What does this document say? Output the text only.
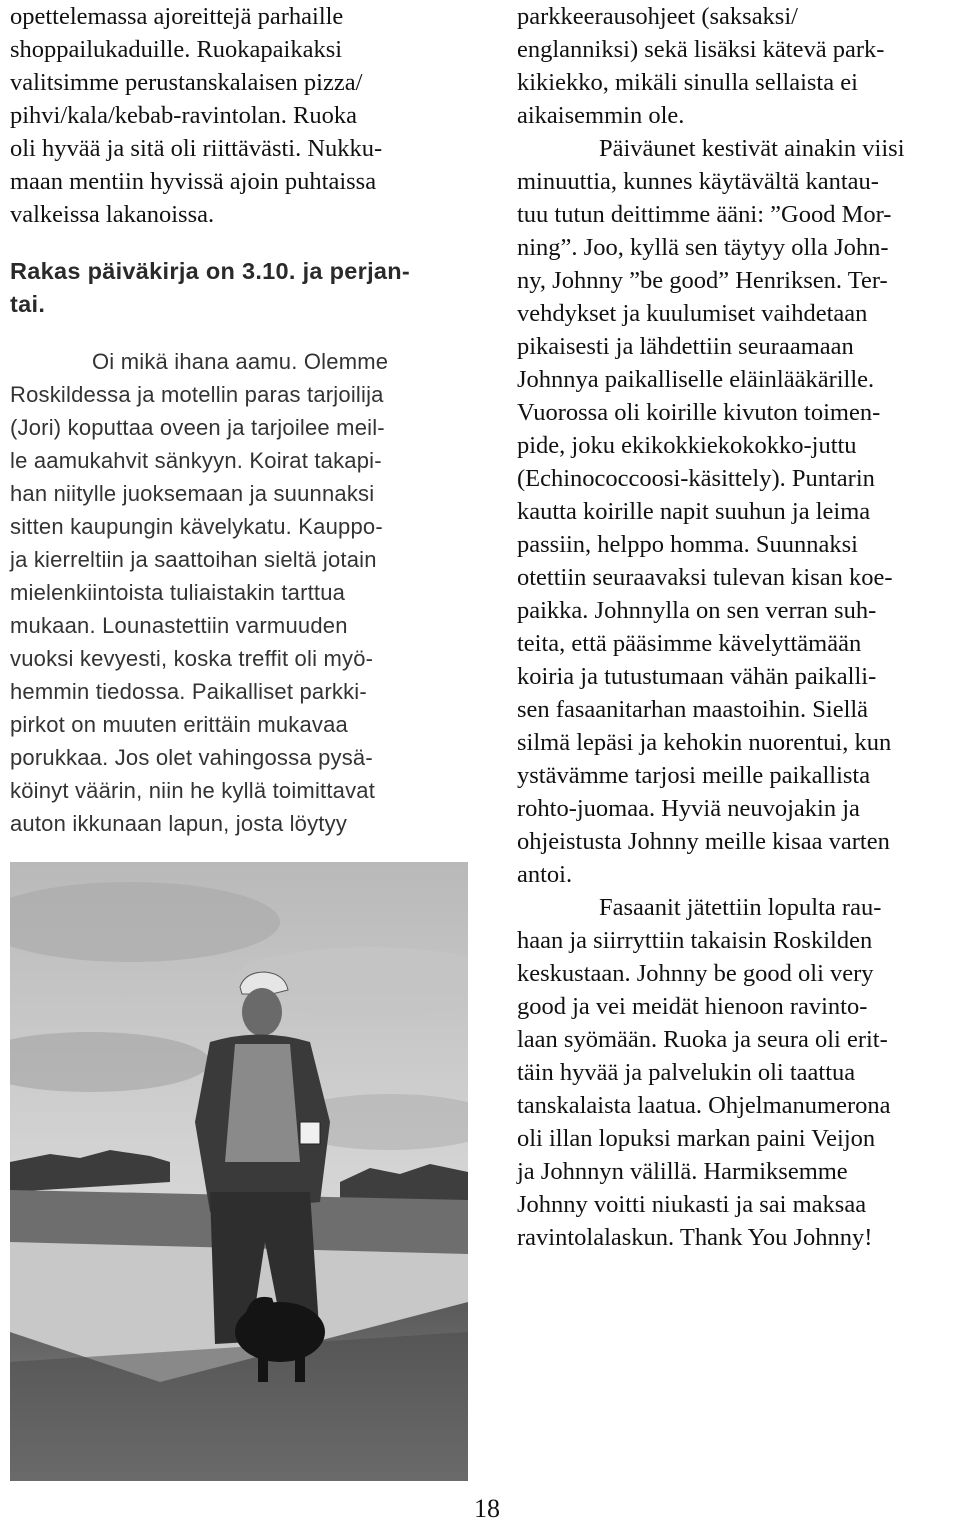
opettelemassa ajoreittejä parhaille
shoppailukaduille. Ruokapaikaksi
valitsimme perustanskalaisen pizza/
pihvi/kala/kebab-ravintolan. Ruoka
oli hyvää ja sitä oli riittävästi. Nukku-
maan mentiin hyvissä ajoin puhtaissa
valkeissa lakanoissa.
Rakas päiväkirja on 3.10. ja perjan-
tai.
Oi mikä ihana aamu. Olemme
Roskildessa ja motellin paras tarjoilija
(Jori) koputtaa oveen ja tarjoilee meil-
le aamukahvit sänkyyn. Koirat takapi-
han niitylle juoksemaan ja suunnaksi
sitten kaupungin kävelykatu. Kauppo-
ja kierreltiin ja saattoihan sieltä jotain
mielenkiintoista tuliaistakin tarttua
mukaan. Lounastettiin varmuuden
vuoksi kevyesti, koska treffit oli myö-
hemmin tiedossa. Paikalliset parkki-
pirkot on muuten erittäin mukavaa
porukkaa. Jos olet vahingossa pysä-
köinyt väärin, niin he kyllä toimittavat
auton ikkunaan lapun, josta löytyy
parkkeerausohjeet (saksaksi/
englanniksi) sekä lisäksi kätevä park-
kikiekko, mikäli sinulla sellaista ei
aikaisemmin ole.
Päiväunet kestivät ainakin viisi
minuuttia, kunnes käytävältä kantau-
tuu tutun deittimme ääni: ”Good Mor-
ning”. Joo, kyllä sen täytyy olla John-
ny, Johnny ”be good” Henriksen. Ter-
vehdykset ja kuulumiset vaihdetaan
pikaisesti ja lähdettiin seuraamaan
Johnnya paikalliselle eläinlääkärille.
Vuorossa oli koirille kivuton toimen-
pide, joku ekikokkiekokokko-juttu
(Echinococcoosi-käsittely). Puntarin
kautta koirille napit suuhun ja leima
passiin, helppo homma. Suunnaksi
otettiin seuraavaksi tulevan kisan koe-
paikka. Johnnylla on sen verran suh-
teita, että pääsimme kävelyttämään
koiria ja tutustumaan vähän paikalli-
sen fasaanitarhan maastoihin. Siellä
silmä lepäsi ja kehokin nuorentui, kun
ystävämme tarjosi meille paikallista
rohto-juomaa. Hyviä neuvojakin ja
ohjeistusta Johnny meille kisaa varten
antoi.
Fasaanit jätettiin lopulta rau-
haan ja siirryttiin takaisin Roskilden
keskustaan. Johnny be good oli very
good ja vei meidät hienoon ravinto-
laan syömään. Ruoka ja seura oli erit-
täin hyvää ja palvelukin oli taattua
tanskalaista laatua. Ohjelmanumerona
oli illan lopuksi markan paini Veijon
ja Johnnyn välillä. Harmiksemme
Johnny voitti niukasti ja sai maksaa
ravintolalaskun. Thank You Johnny!
18
